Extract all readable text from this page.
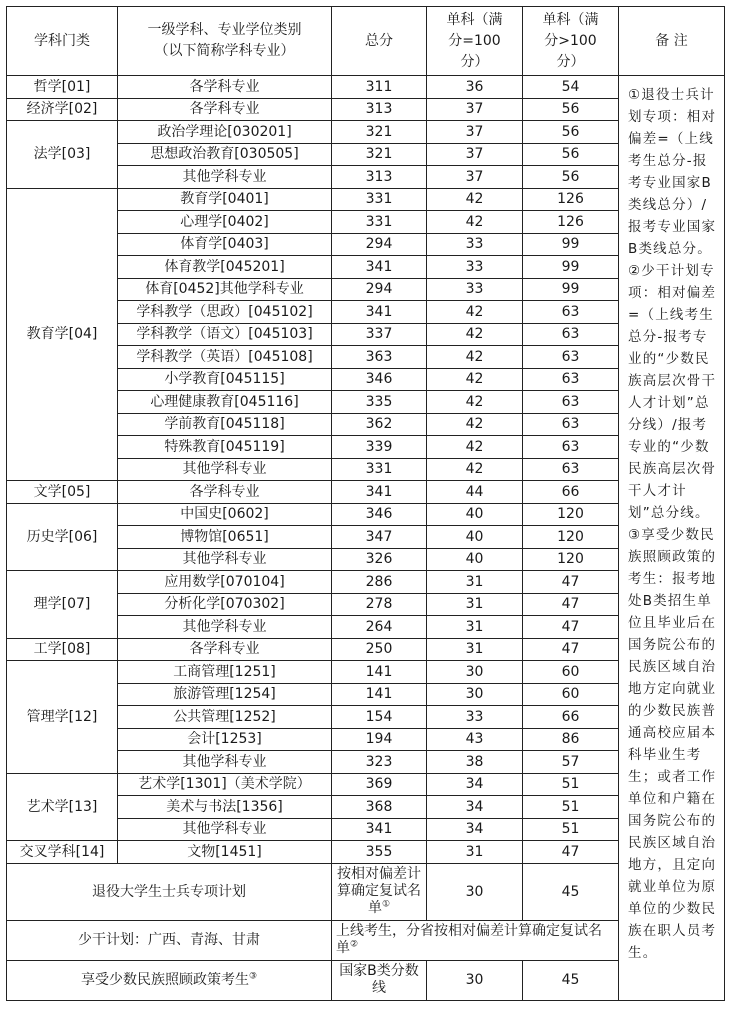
学科门类	一级学科、专业学位类别（以下简称学科专业）	总分	单科（满分=100分）	单科（满分>100分）	备 注
哲学[01]	各学科专业	311	36	54	①退役士兵计划专项：相对偏差=（上线考生总分-报考专业国家B类线总分）/报考专业国家B类线总分。

②少干计划专项：相对偏差=（上线考生总分-报考专业的“少数民族高层次骨干人才计划”总分线）/报考专业的“少数民族高层次骨干人才计划”总分线。

③享受少数民族照顾政策的考生：报考地处B类招生单位且毕业后在国务院公布的民族区域自治地方定向就业的少数民族普通高校应届本科毕业生考生；或者工作单位和户籍在国务院公布的民族区域自治地方，且定向就业单位为原单位的少数民族在职人员考生。

经济学[02]	各学科专业	313	37	56	
法学[03]	政治学理论[030201]	321	37	56	
	思想政治教育[030505]	321	37	56	
	其他学科专业	313	37	56	
教育学[04]	教育学[0401]	331	42	126	
	心理学[0402]	331	42	126	
	体育学[0403]	294	33	99	
	体育教学[045201]	341	33	99	
	体育[0452]其他学科专业	294	33	99	
	学科教学（思政）[045102]	341	42	63	
	学科教学（语文）[045103]	337	42	63	
	学科教学（英语）[045108]	363	42	63	
	小学教育[045115]	346	42	63	
	心理健康教育[045116]	335	42	63	
	学前教育[045118]	362	42	63	
	特殊教育[045119]	339	42	63	
	其他学科专业	331	42	63	
文学[05]	各学科专业	341	44	66	
历史学[06]	中国史[0602]	346	40	120	
	博物馆[0651]	347	40	120	
	其他学科专业	326	40	120	
理学[07]	应用数学[070104]	286	31	47	
	分析化学[070302]	278	31	47	
	其他学科专业	264	31	47	
工学[08]	各学科专业	250	31	47	
管理学[12]	工商管理[1251]	141	30	60	
	旅游管理[1254]	141	30	60	
	公共管理[1252]	154	33	66	
	会计[1253]	194	43	86	
	其他学科专业	323	38	57	
艺术学[13]	艺术学[1301]（美术学院）	369	34	51	
	美术与书法[1356]	368	34	51	
	其他学科专业	341	34	51	
交叉学科[14]	文物[1451]	355	31	47	
退役大学生士兵专项计划		按相对偏差计算确定复试名单①	30	45	
少干计划：广西、青海、甘肃		上线考生，分省按相对偏差计算确定复试名单②
享受少数民族照顾政策考生③		国家B类分数线	30	45	
